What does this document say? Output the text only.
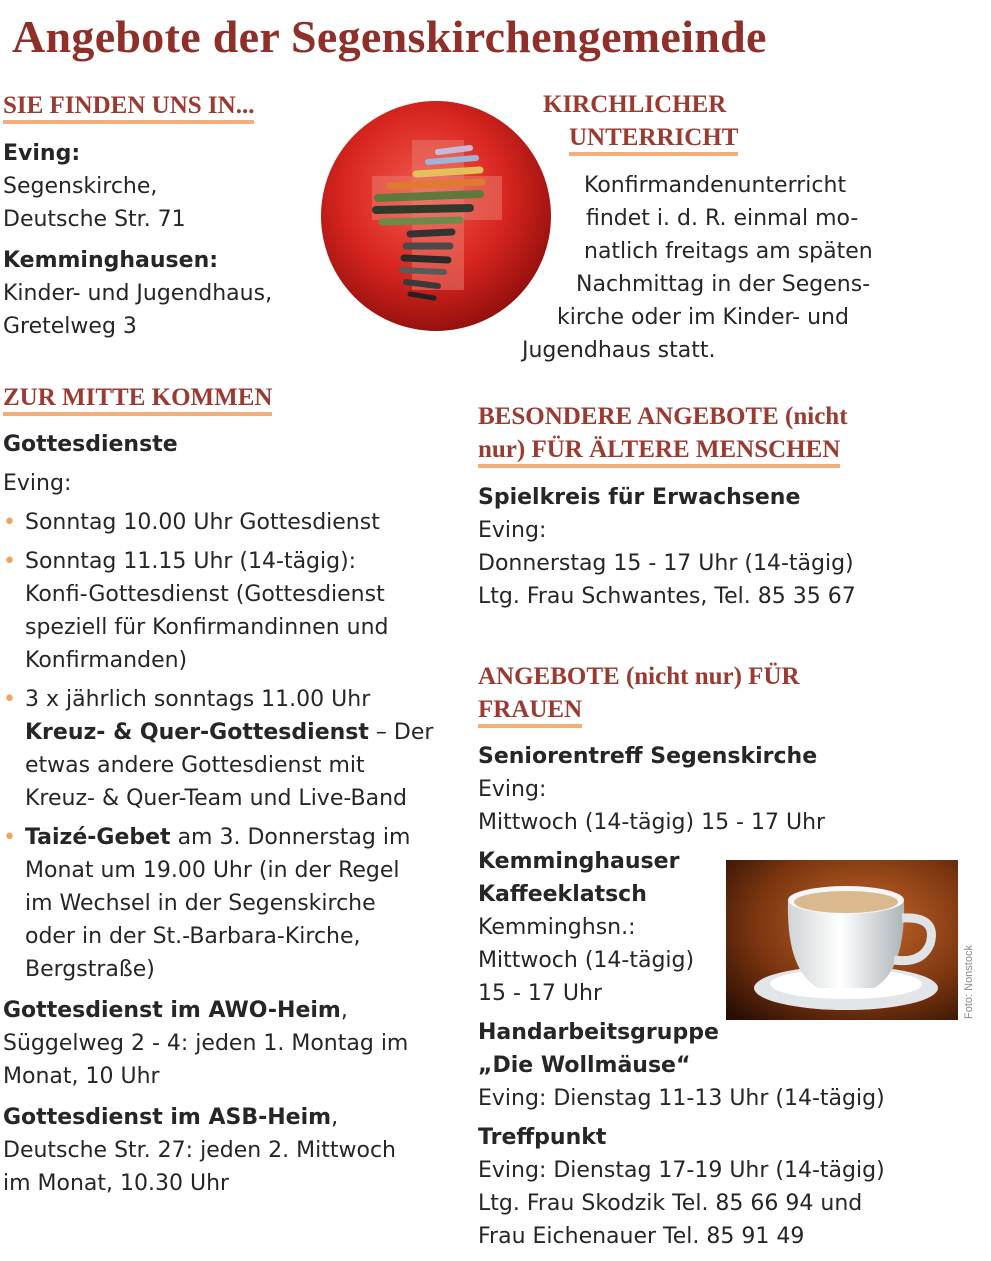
Angebote der Segenskirchengemeinde
SIE FINDEN UNS IN...

Eving:

Segenskirche,

Deutsche Str. 71

Kemminghausen:

Kinder- und Jugendhaus,

Gretelweg 3

KIRCHLICHER
UNTERRICHT

Konfirmandenunterricht

findet i. d. R. einmal mo-

natlich freitags am späten

Nachmittag in der Segens-

kirche oder im Kinder- und

Jugendhaus statt.

ZUR MITTE KOMMEN

Gottesdienste

Eving:

• Sonntag 10.00 Uhr Gottesdienst

• Sonntag 11.15 Uhr (14-tägig):

Konfi-Gottesdienst (Gottesdienst

speziell für Konfirmandinnen und

Konfirmanden)

• 3 x jährlich sonntags 11.00 Uhr

Kreuz- & Quer-Gottesdienst – Der

etwas andere Gottesdienst mit

Kreuz- & Quer-Team und Live-Band

• Taizé-Gebet am 3. Donnerstag im

Monat um 19.00 Uhr (in der Regel

im Wechsel in der Segenskirche

oder in der St.-Barbara-Kirche,

Bergstraße)

Gottesdienst im AWO-Heim,

Süggelweg 2 - 4: jeden 1. Montag im

Monat, 10 Uhr

Gottesdienst im ASB-Heim,

Deutsche Str. 27: jeden 2. Mittwoch

im Monat, 10.30 Uhr

BESONDERE ANGEBOTE (nicht
nur) FÜR ÄLTERE MENSCHEN

Spielkreis für Erwachsene

Eving:

Donnerstag 15 - 17 Uhr (14-tägig)

Ltg. Frau Schwantes, Tel. 85 35 67

ANGEBOTE (nicht nur) FÜR
FRAUEN

Seniorentreff Segenskirche

Eving:

Mittwoch (14-tägig) 15 - 17 Uhr

Kemminghauser

Kaffeeklatsch

Kemminghsn.:

Mittwoch (14-tägig)

15 - 17 Uhr

Handarbeitsgruppe

„Die Wollmäuse“

Eving: Dienstag 11-13 Uhr (14-tägig)

Treffpunkt

Eving: Dienstag 17-19 Uhr (14-tägig)

Ltg. Frau Skodzik Tel. 85 66 94 und

Frau Eichenauer Tel. 85 91 49

Foto: Nonstock
